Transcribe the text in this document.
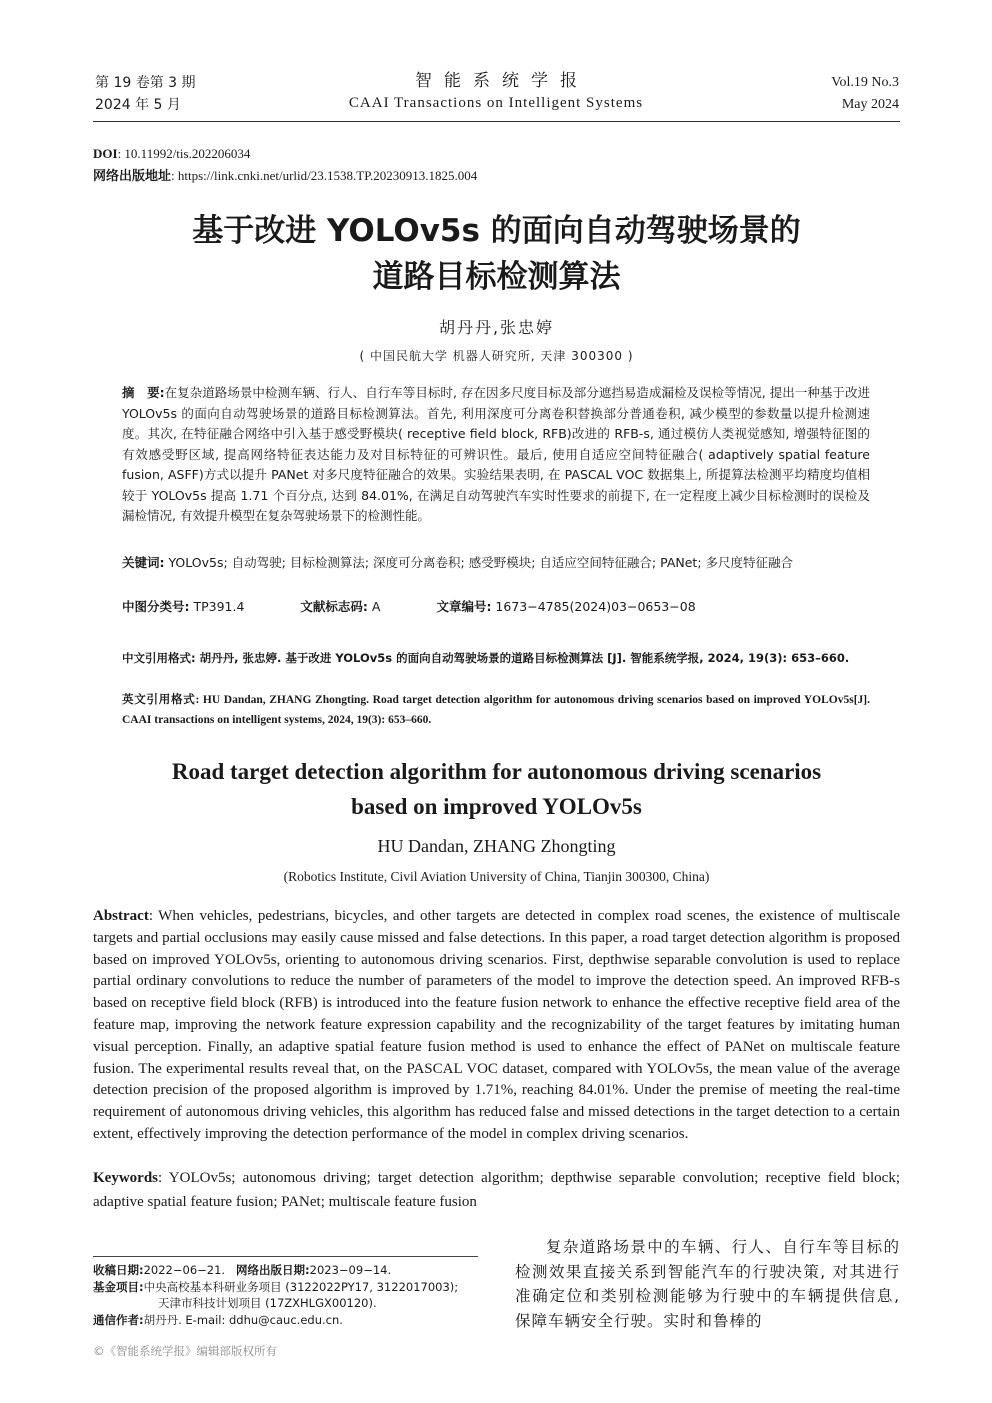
第 19 卷第 3 期
2024 年 5 月
智能系统学报
CAAI Transactions on Intelligent Systems
Vol.19 No.3
May 2024
DOI: 10.11992/tis.202206034
网络出版地址: https://link.cnki.net/urlid/23.1538.TP.20230913.1825.004
基于改进 YOLOv5s 的面向自动驾驶场景的
道路目标检测算法
胡丹丹,张忠婷
( 中国民航大学 机器人研究所, 天津 300300 )
摘　要:在复杂道路场景中检测车辆、行人、自行车等目标时, 存在因多尺度目标及部分遮挡易造成漏检及误检等情况, 提出一种基于改进 YOLOv5s 的面向自动驾驶场景的道路目标检测算法。首先, 利用深度可分离卷积替换部分普通卷积, 减少模型的参数量以提升检测速度。其次, 在特征融合网络中引入基于感受野模块( receptive field block, RFB)改进的 RFB-s, 通过模仿人类视觉感知, 增强特征图的有效感受野区域, 提高网络特征表达能力及对目标特征的可辨识性。最后, 使用自适应空间特征融合( adaptively spatial feature fusion, ASFF)方式以提升 PANet 对多尺度特征融合的效果。实验结果表明, 在 PASCAL VOC 数据集上, 所提算法检测平均精度均值相较于 YOLOv5s 提高 1.71 个百分点, 达到 84.01%, 在满足自动驾驶汽车实时性要求的前提下, 在一定程度上减少目标检测时的误检及漏检情况, 有效提升模型在复杂驾驶场景下的检测性能。
关键词: YOLOv5s; 自动驾驶; 目标检测算法; 深度可分离卷积; 感受野模块; 自适应空间特征融合; PANet; 多尺度特征融合
中图分类号: TP391.4	文献标志码: A	文章编号: 1673−4785(2024)03−0653−08
中文引用格式: 胡丹丹, 张忠婷. 基于改进 YOLOv5s 的面向自动驾驶场景的道路目标检测算法 [J]. 智能系统学报, 2024, 19(3): 653–660.
英文引用格式: HU Dandan, ZHANG Zhongting. Road target detection algorithm for autonomous driving scenarios based on improved YOLOv5s[J]. CAAI transactions on intelligent systems, 2024, 19(3): 653–660.
Road target detection algorithm for autonomous driving scenarios
based on improved YOLOv5s
HU Dandan, ZHANG Zhongting
(Robotics Institute, Civil Aviation University of China, Tianjin 300300, China)
Abstract: When vehicles, pedestrians, bicycles, and other targets are detected in complex road scenes, the existence of multiscale targets and partial occlusions may easily cause missed and false detections. In this paper, a road target detection algorithm is proposed based on improved YOLOv5s, orienting to autonomous driving scenarios. First, depthwise separable convolution is used to replace partial ordinary convolutions to reduce the number of parameters of the model to improve the detection speed. An improved RFB-s based on receptive field block (RFB) is introduced into the feature fusion network to enhance the effective receptive field area of the feature map, improving the network feature expression capability and the recognizability of the target features by imitating human visual perception. Finally, an adaptive spatial feature fusion method is used to enhance the effect of PANet on multiscale feature fusion. The experimental results reveal that, on the PASCAL VOC dataset, compared with YOLOv5s, the mean value of the average detection precision of the proposed algorithm is improved by 1.71%, reaching 84.01%. Under the premise of meeting the real-time requirement of autonomous driving vehicles, this algorithm has reduced false and missed detections in the target detection to a certain extent, effectively improving the detection performance of the model in complex driving scenarios.
Keywords: YOLOv5s; autonomous driving; target detection algorithm; depthwise separable convolution; receptive field block; adaptive spatial feature fusion; PANet; multiscale feature fusion
收稿日期: 2022−06−21.
网络出版日期: 2023−09−14.
基金项目: 中央高校基本科研业务项目 (3122022PY17, 3122017003);
天津市科技计划项目 (17ZXHLGX00120).
通信作者: 胡丹丹. E-mail: ddhu@cauc.edu.cn.
©《智能系统学报》编辑部版权所有
复杂道路场景中的车辆、行人、自行车等目标的检测效果直接关系到智能汽车的行驶决策, 对其进行准确定位和类别检测能够为行驶中的车辆提供信息, 保障车辆安全行驶。实时和鲁棒的
